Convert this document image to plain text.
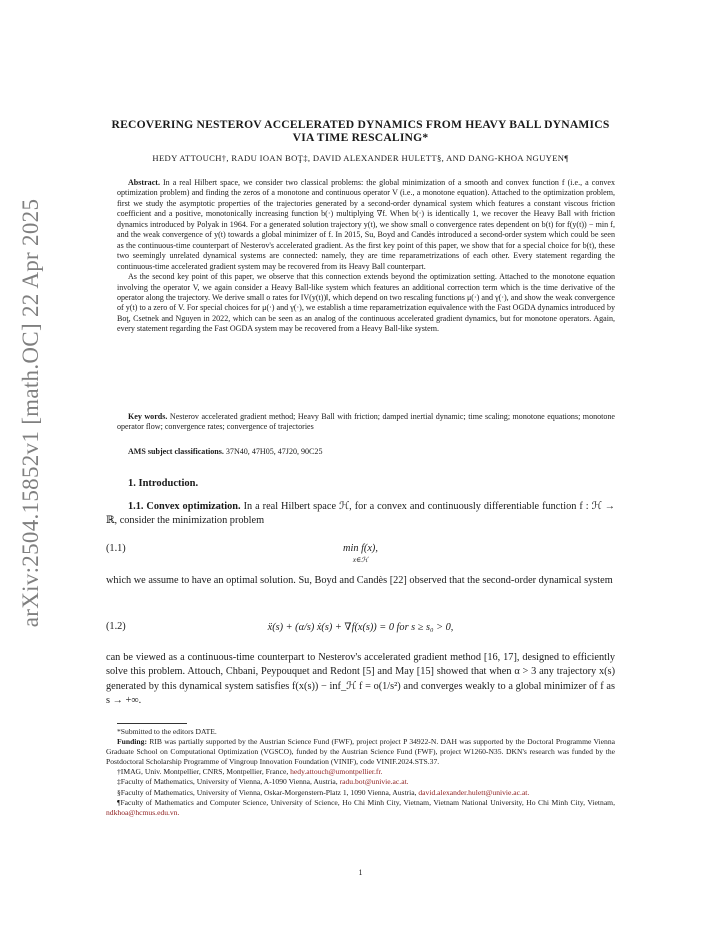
arXiv:2504.15852v1 [math.OC] 22 Apr 2025
RECOVERING NESTEROV ACCELERATED DYNAMICS FROM HEAVY BALL DYNAMICS VIA TIME RESCALING*
HEDY ATTOUCH†, RADU IOAN BOŢ‡, DAVID ALEXANDER HULETT§, AND DANG-KHOA NGUYEN¶

Abstract. In a real Hilbert space, we consider two classical problems: the global minimization of a smooth and convex function f (i.e., a convex optimization problem) and finding the zeros of a monotone and continuous operator V (i.e., a monotone equation). Attached to the optimization problem, first we study the asymptotic properties of the trajectories generated by a second-order dynamical system which features a constant viscous friction coefficient and a positive, monotonically increasing function b(·) multiplying ∇f. When b(·) is identically 1, we recover the Heavy Ball with friction dynamics introduced by Polyak in 1964. For a generated solution trajectory y(t), we show small o convergence rates dependent on b(t) for f(y(t)) − min f, and the weak convergence of y(t) towards a global minimizer of f. In 2015, Su, Boyd and Candès introduced a second-order system which could be seen as the continuous-time counterpart of Nesterov's accelerated gradient. As the first key point of this paper, we show that for a special choice for b(t), these two seemingly unrelated dynamical systems are connected: namely, they are time reparametrizations of each other. Every statement regarding the continuous-time accelerated gradient system may be recovered from its Heavy Ball counterpart.

As the second key point of this paper, we observe that this connection extends beyond the optimization setting. Attached to the monotone equation involving the operator V, we again consider a Heavy Ball-like system which features an additional correction term which is the time derivative of the operator along the trajectory. We derive small o rates for ‖V(y(t))‖, which depend on two rescaling functions μ(·) and γ(·), and show the weak convergence of y(t) to a zero of V. For special choices for μ(·) and γ(·), we establish a time reparametrization equivalence with the Fast OGDA dynamics introduced by Boţ, Csetnek and Nguyen in 2022, which can be seen as an analog of the continuous accelerated gradient dynamics, but for monotone operators. Again, every statement regarding the Fast OGDA system may be recovered from a Heavy Ball-like system.

Key words. Nesterov accelerated gradient method; Heavy Ball with friction; damped inertial dynamic; time scaling; monotone equations; monotone operator flow; convergence rates; convergence of trajectories
AMS subject classifications. 37N40, 47H05, 47J20, 90C25
1. Introduction.
1.1. Convex optimization. In a real Hilbert space ℋ, for a convex and continuously differentiable function f : ℋ → ℝ, consider the minimization problem
(1.1)	min f(x),
x∈ℋ
which we assume to have an optimal solution. Su, Boyd and Candès [22] observed that the second-order dynamical system
(1.2)	ẍ(s) + (α/s) ẋ(s) + ∇f(x(s)) = 0 for s ≥ s₀ > 0,
can be viewed as a continuous-time counterpart to Nesterov's accelerated gradient method [16, 17], designed to efficiently solve this problem. Attouch, Chbani, Peypouquet and Redont [5] and May [15] showed that when α > 3 any trajectory x(s) generated by this dynamical system satisfies f(x(s)) − inf_ℋ f = o(1/s²) and converges weakly to a global minimizer of f as s → +∞.

*Submitted to the editors DATE.

Funding: RIB was partially supported by the Austrian Science Fund (FWF), project project P 34922-N. DAH was supported by the Doctoral Programme Vienna Graduate School on Computational Optimization (VGSCO), funded by the Austrian Science Fund (FWF), project W1260-N35. DKN's research was funded by the Postdoctoral Scholarship Programme of Vingroup Innovation Foundation (VINIF), code VINIF.2024.STS.37.

†IMAG, Univ. Montpellier, CNRS, Montpellier, France, hedy.attouch@umontpellier.fr.

‡Faculty of Mathematics, University of Vienna, A-1090 Vienna, Austria, radu.bot@univie.ac.at.

§Faculty of Mathematics, University of Vienna, Oskar-Morgenstern-Platz 1, 1090 Vienna, Austria, david.alexander.hulett@univie.ac.at.

¶Faculty of Mathematics and Computer Science, University of Science, Ho Chi Minh City, Vietnam, Vietnam National University, Ho Chi Minh City, Vietnam, ndkhoa@hcmus.edu.vn.

1
